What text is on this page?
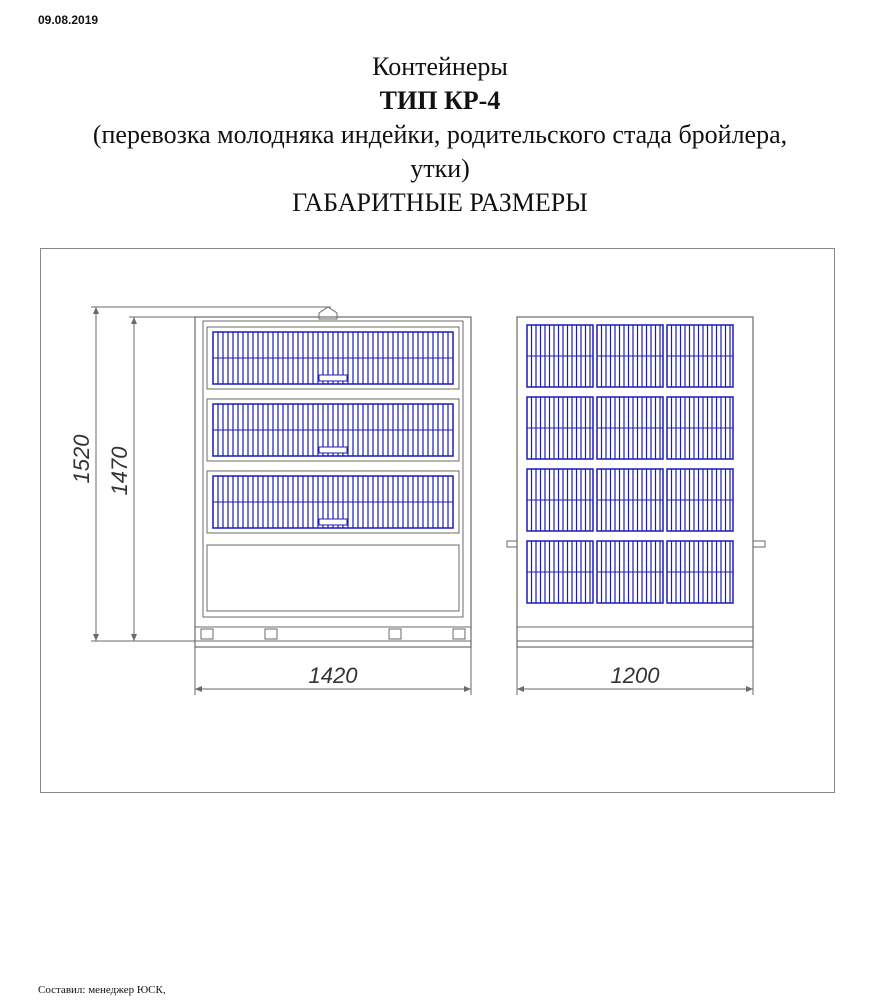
09.08.2019
Контейнеры
ТИП КР-4
(перевозка молодняка индейки, родительского стада бройлера,
утки)
ГАБАРИТНЫЕ РАЗМЕРЫ
1520 1470
1420	1200
Составил: менеджер ЮСК,
